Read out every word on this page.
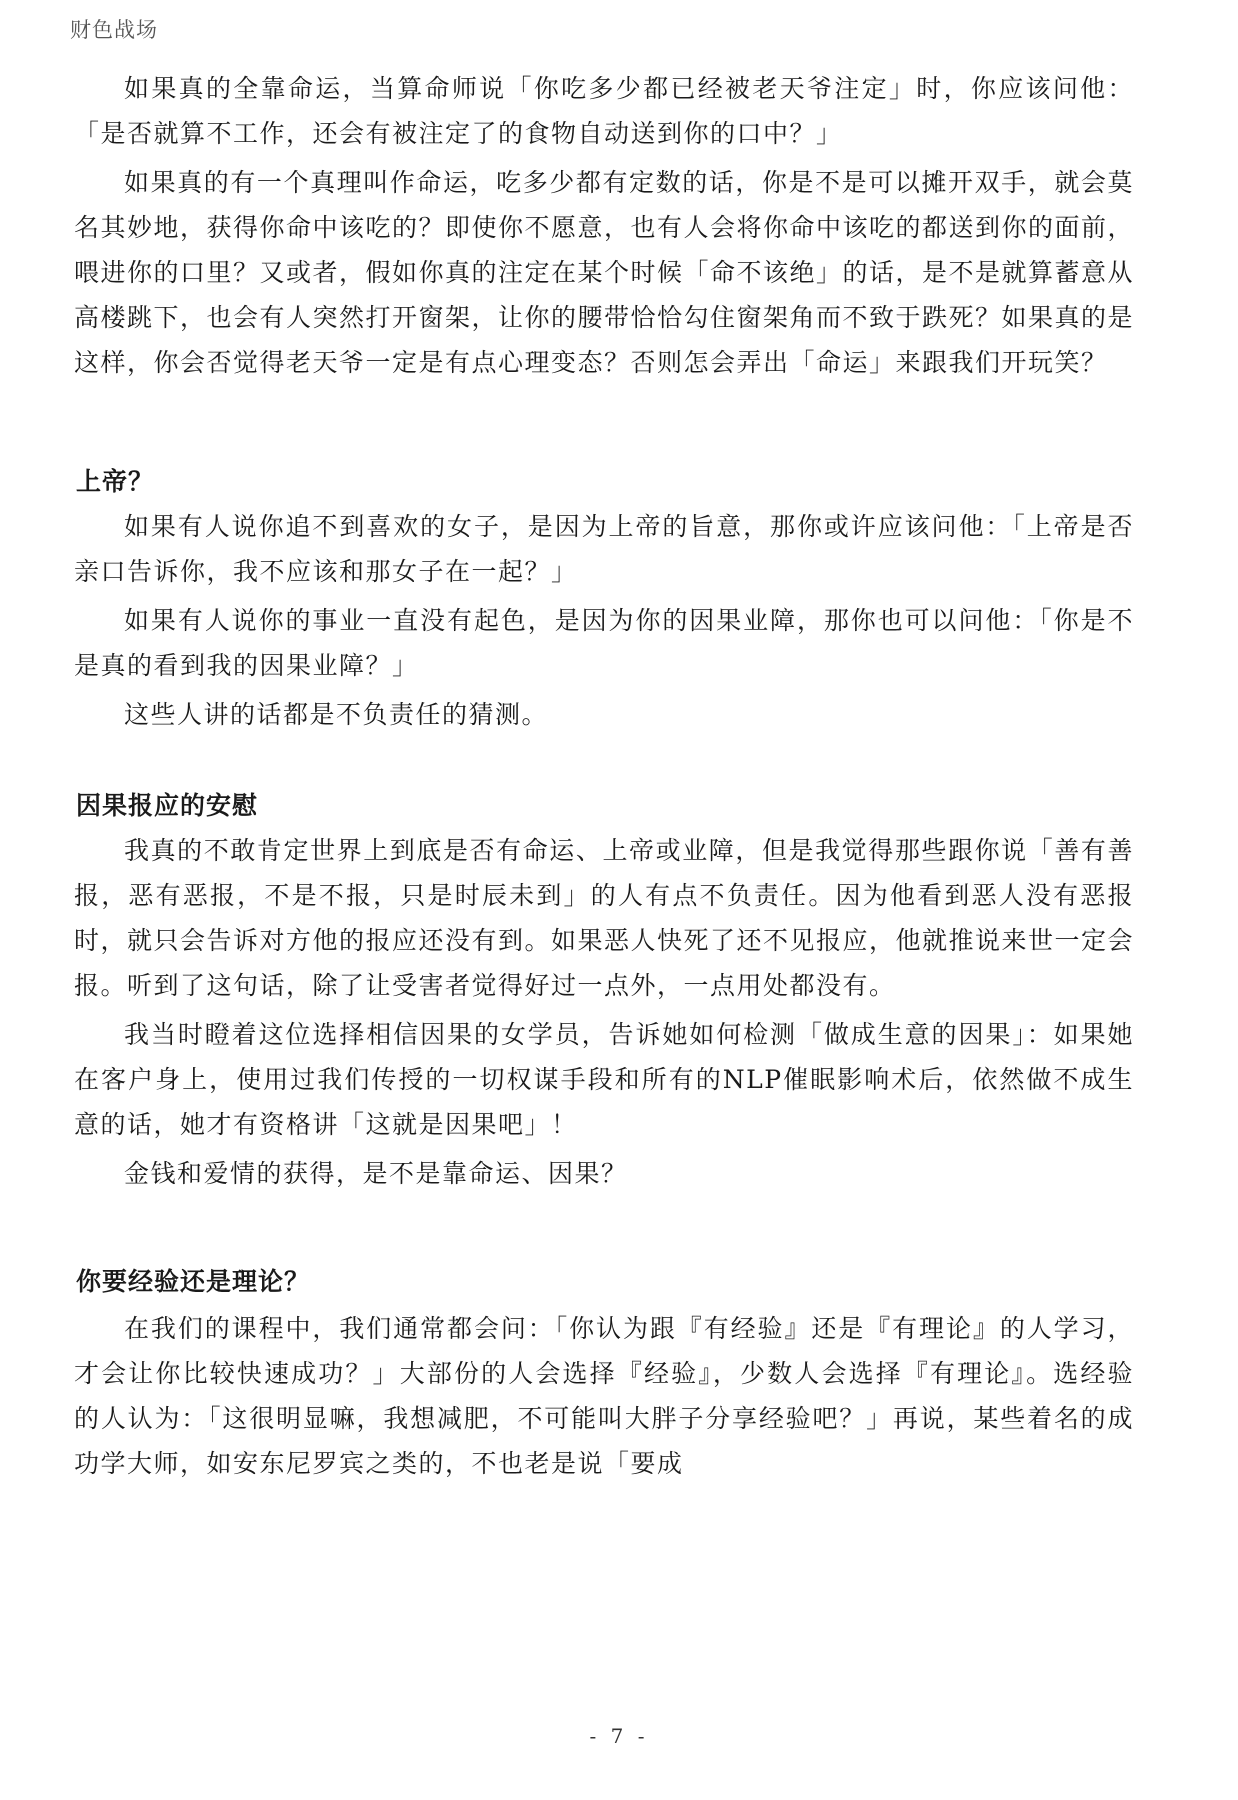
财色战场

如果真的全靠命运，当算命师说「你吃多少都已经被老天爷注定」时，你应该问他：「是否就算不工作，还会有被注定了的食物自动送到你的口中？」

如果真的有一个真理叫作命运，吃多少都有定数的话，你是不是可以摊开双手，就会莫名其妙地，获得你命中该吃的？即使你不愿意，也有人会将你命中该吃的都送到你的面前，喂进你的口里？又或者，假如你真的注定在某个时候「命不该绝」的话，是不是就算蓄意从高楼跳下，也会有人突然打开窗架，让你的腰带恰恰勾住窗架角而不致于跌死？如果真的是这样，你会否觉得老天爷一定是有点心理变态？否则怎会弄出「命运」来跟我们开玩笑？

上帝？

如果有人说你追不到喜欢的女子，是因为上帝的旨意，那你或许应该问他：「上帝是否亲口告诉你，我不应该和那女子在一起？」

如果有人说你的事业一直没有起色，是因为你的因果业障，那你也可以问他：「你是不是真的看到我的因果业障？」

这些人讲的话都是不负责任的猜测。

因果报应的安慰

我真的不敢肯定世界上到底是否有命运、上帝或业障，但是我觉得那些跟你说「善有善报，恶有恶报，不是不报，只是时辰未到」的人有点不负责任。因为他看到恶人没有恶报时，就只会告诉对方他的报应还没有到。如果恶人快死了还不见报应，他就推说来世一定会报。听到了这句话，除了让受害者觉得好过一点外，一点用处都没有。

我当时瞪着这位选择相信因果的女学员，告诉她如何检测「做成生意的因果」：如果她在客户身上，使用过我们传授的一切权谋手段和所有的NLP催眠影响术后，依然做不成生意的话，她才有资格讲「这就是因果吧」！

金钱和爱情的获得，是不是靠命运、因果？

你要经验还是理论？

在我们的课程中，我们通常都会问：「你认为跟『有经验』还是『有理论』的人学习，才会让你比较快速成功？」大部份的人会选择『经验』，少数人会选择『有理论』。选经验的人认为：「这很明显嘛，我想减肥，不可能叫大胖子分享经验吧？」再说，某些着名的成功学大师，如安东尼罗宾之类的，不也老是说「要成

- 7 -
